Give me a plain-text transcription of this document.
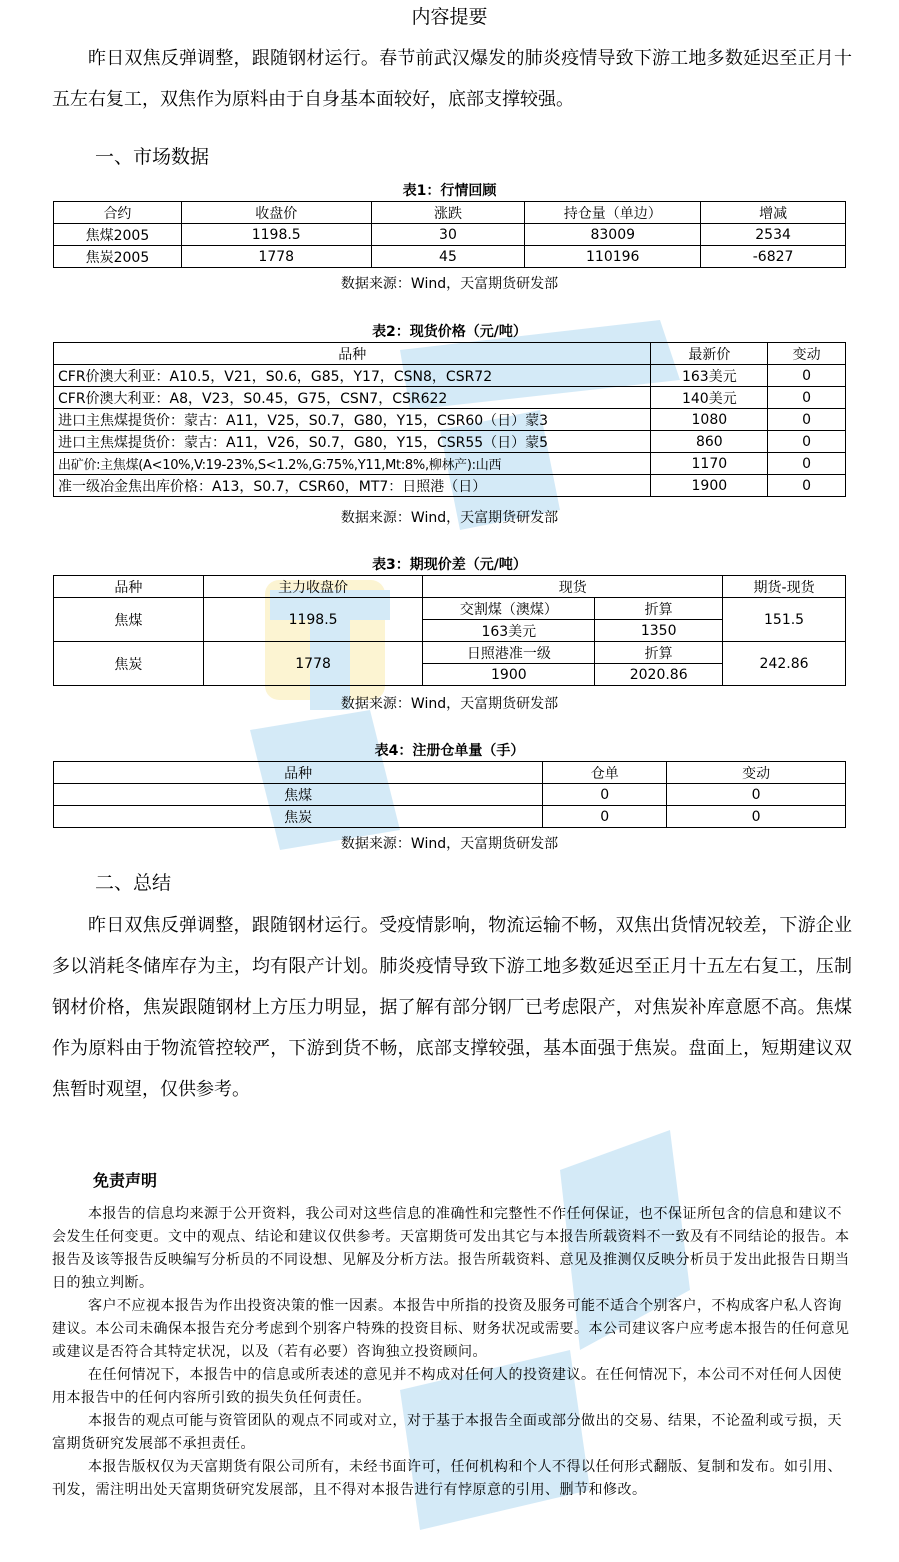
内容提要
昨日双焦反弹调整，跟随钢材运行。春节前武汉爆发的肺炎疫情导致下游工地多数延迟至正月十五左右复工，双焦作为原料由于自身基本面较好，底部支撑较强。
一、市场数据
表1：行情回顾
合约	收盘价	涨跌	持仓量（单边）	增减
焦煤2005	1198.5	30	83009	2534
焦炭2005	1778	45	110196	-6827
数据来源：Wind，天富期货研发部
表2：现货价格（元/吨）
品种	最新价	变动
CFR价澳大利亚：A10.5，V21，S0.6，G85，Y17，CSN8，CSR72	163美元	0
CFR价澳大利亚：A8，V23，S0.45，G75，CSN7，CSR622	140美元	0
进口主焦煤提货价：蒙古：A11，V25，S0.7，G80，Y15，CSR60（日）蒙3	1080	0
进口主焦煤提货价：蒙古：A11，V26，S0.7，G80，Y15，CSR55（日）蒙5	860	0
出矿价:主焦煤(A<10%,V:19-23%,S<1.2%,G:75%,Y11,Mt:8%,柳林产):山西	1170	0
准一级冶金焦出库价格：A13，S0.7，CSR60，MT7：日照港（日）	1900	0
数据来源：Wind，天富期货研发部
表3：期现价差（元/吨）
品种	主力收盘价	现货		期货-现货
焦煤	1198.5	交割煤（澳煤）	折算	151.5
		163美元	1350	
焦炭	1778	日照港准一级	折算	242.86
		1900	2020.86	
数据来源：Wind，天富期货研发部
表4：注册仓单量（手）
品种	仓单	变动
焦煤	0	0
焦炭	0	0
数据来源：Wind，天富期货研发部
二、总结
昨日双焦反弹调整，跟随钢材运行。受疫情影响，物流运输不畅，双焦出货情况较差，下游企业多以消耗冬储库存为主，均有限产计划。肺炎疫情导致下游工地多数延迟至正月十五左右复工，压制钢材价格，焦炭跟随钢材上方压力明显，据了解有部分钢厂已考虑限产，对焦炭补库意愿不高。焦煤作为原料由于物流管控较严，下游到货不畅，底部支撑较强，基本面强于焦炭。盘面上，短期建议双焦暂时观望，仅供参考。
免责声明

本报告的信息均来源于公开资料，我公司对这些信息的准确性和完整性不作任何保证，也不保证所包含的信息和建议不会发生任何变更。文中的观点、结论和建议仅供参考。天富期货可发出其它与本报告所载资料不一致及有不同结论的报告。本报告及该等报告反映编写分析员的不同设想、见解及分析方法。报告所载资料、意见及推测仅反映分析员于发出此报告日期当日的独立判断。

客户不应视本报告为作出投资决策的惟一因素。本报告中所指的投资及服务可能不适合个别客户，不构成客户私人咨询建议。本公司未确保本报告充分考虑到个别客户特殊的投资目标、财务状况或需要。本公司建议客户应考虑本报告的任何意见或建议是否符合其特定状况，以及（若有必要）咨询独立投资顾问。

在任何情况下，本报告中的信息或所表述的意见并不构成对任何人的投资建议。在任何情况下，本公司不对任何人因使用本报告中的任何内容所引致的损失负任何责任。

本报告的观点可能与资管团队的观点不同或对立，对于基于本报告全面或部分做出的交易、结果，不论盈利或亏损，天富期货研究发展部不承担责任。

本报告版权仅为天富期货有限公司所有，未经书面许可，任何机构和个人不得以任何形式翻版、复制和发布。如引用、刊发，需注明出处天富期货研究发展部，且不得对本报告进行有悖原意的引用、删节和修改。
